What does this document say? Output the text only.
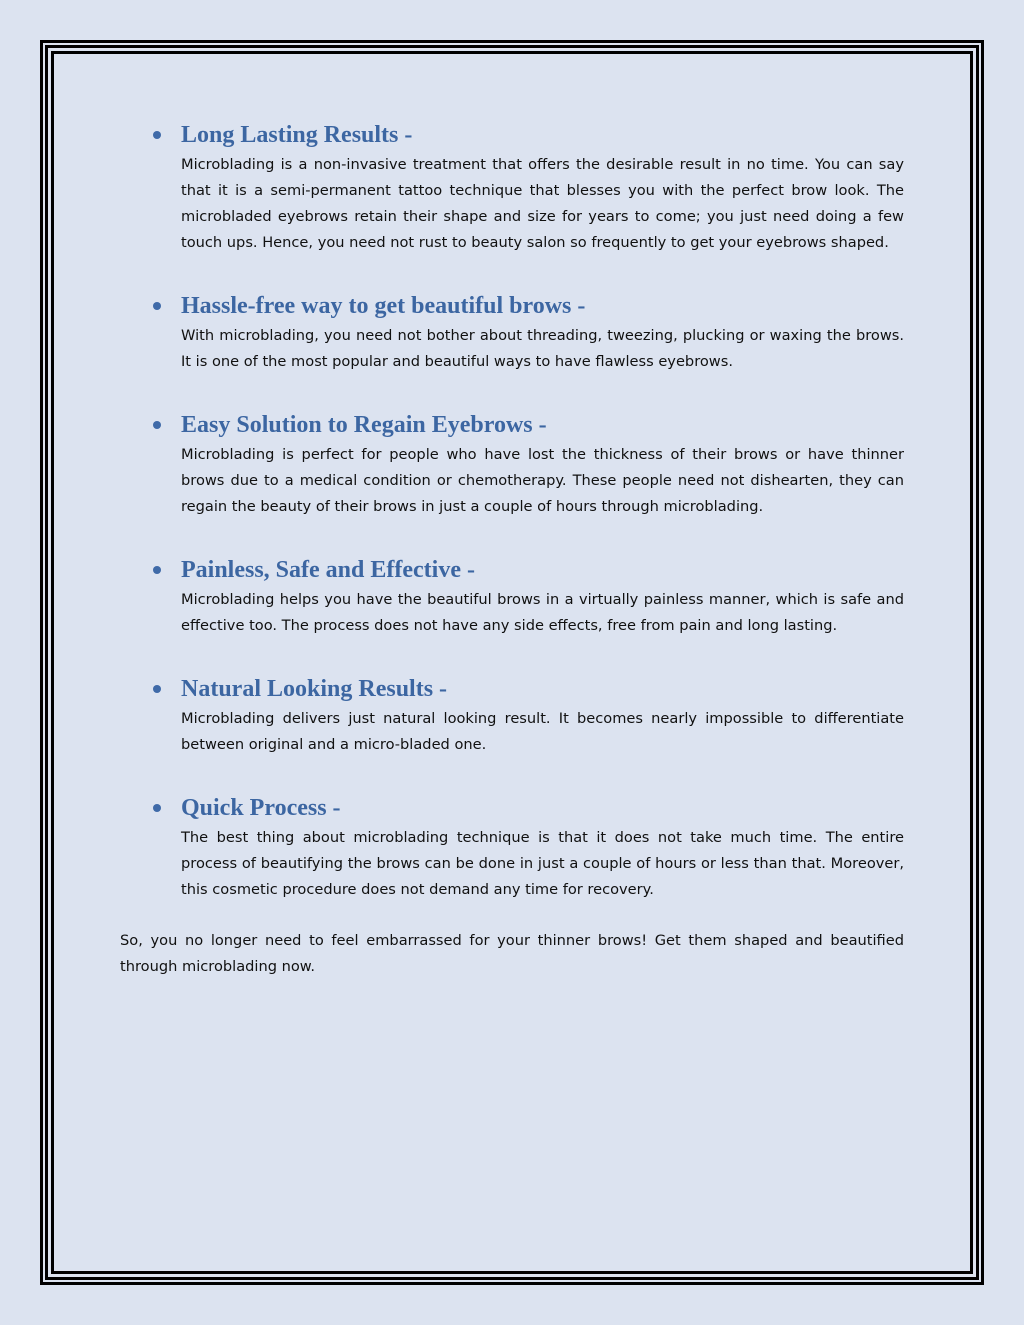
Long Lasting Results -

Microblading is a non-invasive treatment that offers the desirable result in no time. You can say that it is a semi-permanent tattoo technique that blesses you with the perfect brow look. The microbladed eyebrows retain their shape and size for years to come; you just need doing a few touch ups. Hence, you need not rust to beauty salon so frequently to get your eyebrows shaped.

Hassle-free way to get beautiful brows -

With microblading, you need not bother about threading, tweezing, plucking or waxing the brows. It is one of the most popular and beautiful ways to have flawless eyebrows.

Easy Solution to Regain Eyebrows -

Microblading is perfect for people who have lost the thickness of their brows or have thinner brows due to a medical condition or chemotherapy. These people need not dishearten, they can regain the beauty of their brows in just a couple of hours through microblading.

Painless, Safe and Effective -

Microblading helps you have the beautiful brows in a virtually painless manner, which is safe and effective too. The process does not have any side effects, free from pain and long lasting.

Natural Looking Results -

Microblading delivers just natural looking result. It becomes nearly impossible to differentiate between original and a micro-bladed one.

Quick Process -

The best thing about microblading technique is that it does not take much time. The entire process of beautifying the brows can be done in just a couple of hours or less than that. Moreover, this cosmetic procedure does not demand any time for recovery.

So, you no longer need to feel embarrassed for your thinner brows! Get them shaped and beautified through microblading now.
